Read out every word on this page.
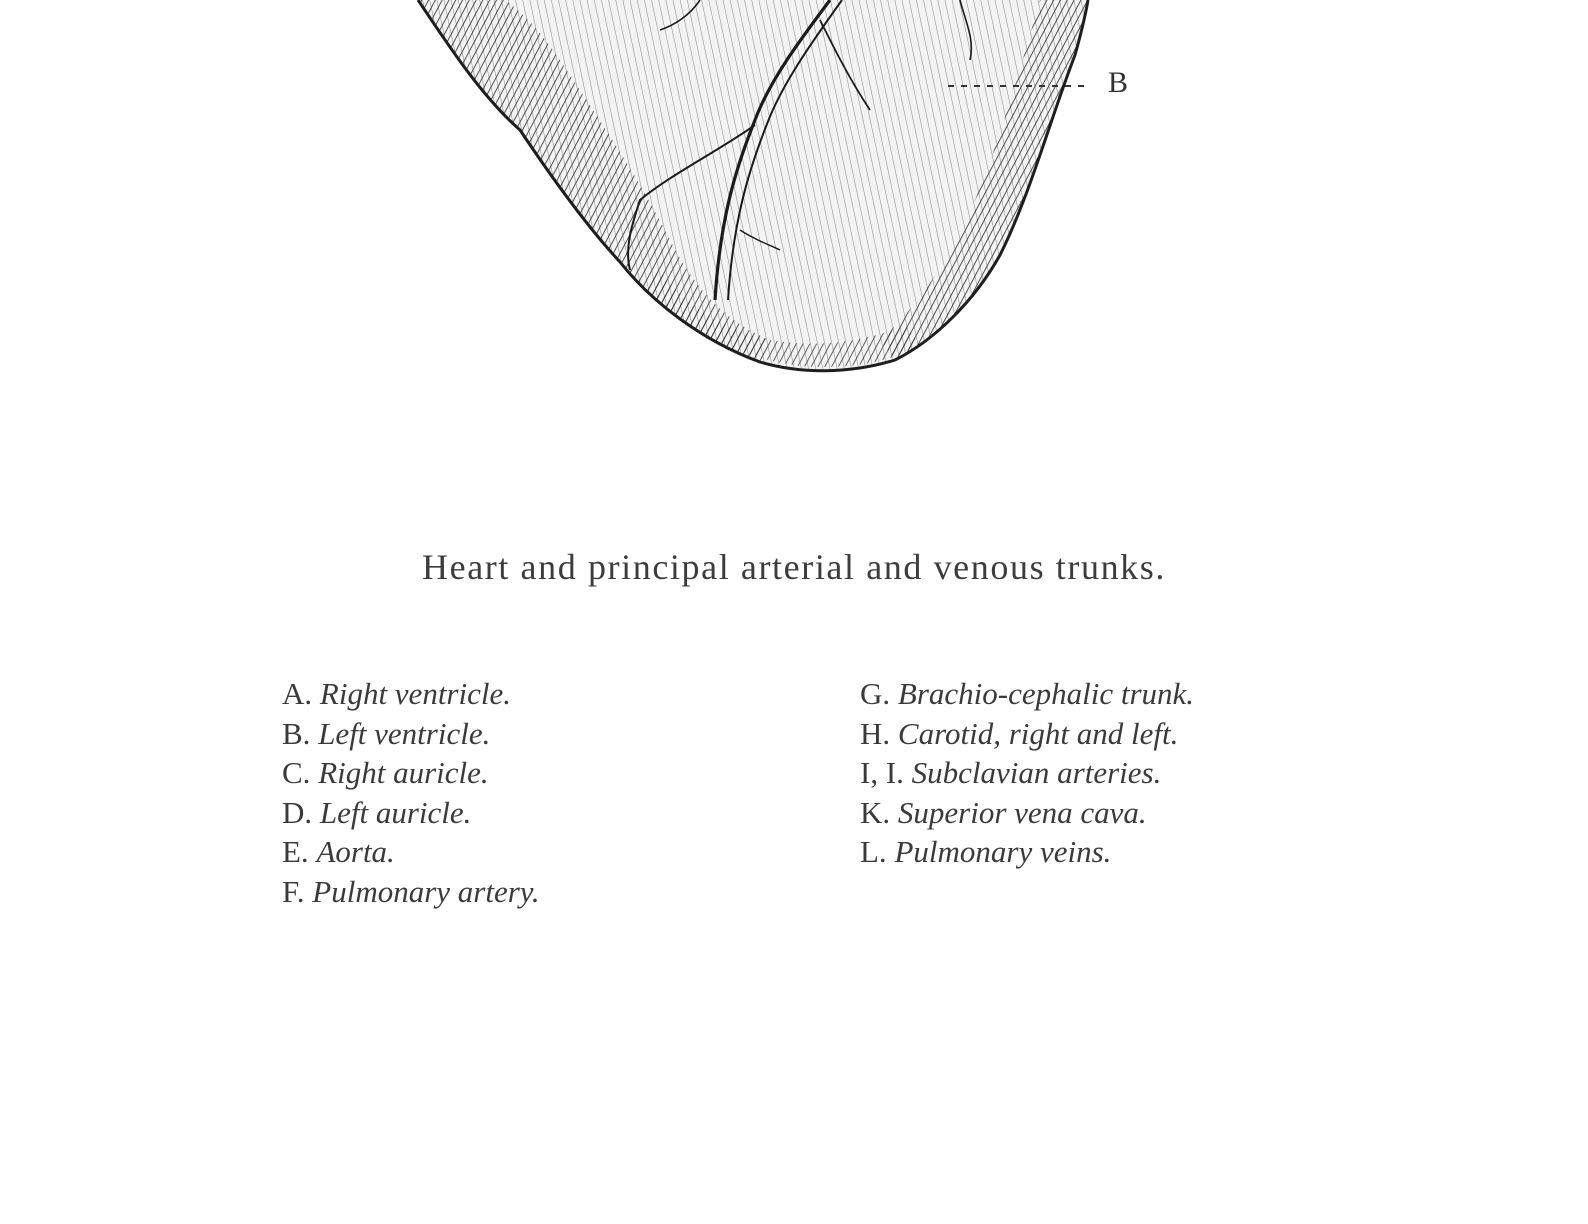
B
Heart and principal arterial and venous trunks.
A. Right ventricle.
B. Left ventricle.
C. Right auricle.
D. Left auricle.
E. Aorta.
F. Pulmonary artery.
G. Brachio-cephalic trunk.
H. Carotid, right and left.
I, I. Subclavian arteries.
K. Superior vena cava.
L. Pulmonary veins.
